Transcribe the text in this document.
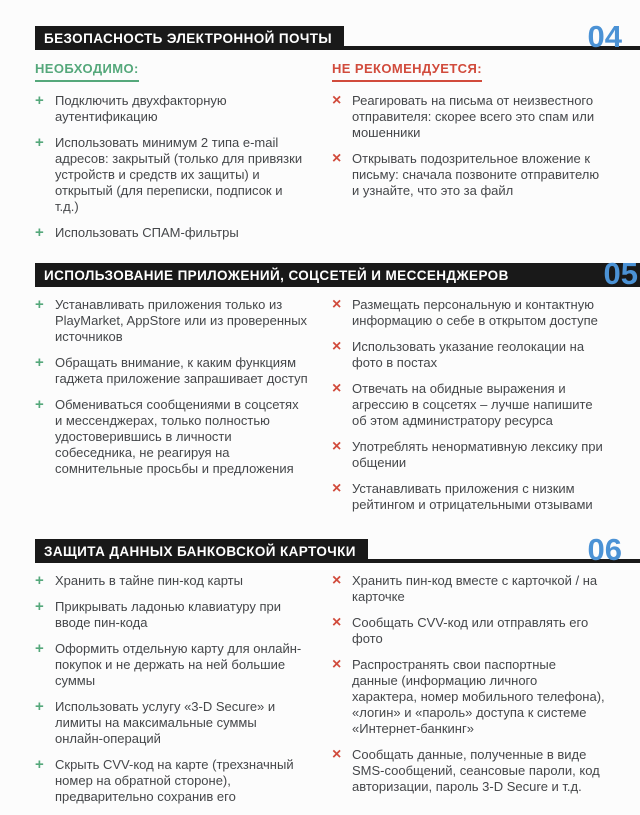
БЕЗОПАСНОСТЬ ЭЛЕКТРОННОЙ ПОЧТЫ	04
НЕОБХОДИМО:
+ Подключить двухфакторную аутентификацию
+ Использовать минимум 2 типа e-mail адресов: закрытый (только для привязки устройств и средств их защиты) и открытый (для переписки, подписок и т.д.)
+ Использовать СПАМ-фильтры
НЕ РЕКОМЕНДУЕТСЯ:
× Реагировать на письма от неизвестного отправителя: скорее всего это спам или мошенники
× Открывать подозрительное вложение к письму: сначала позвоните отправителю и узнайте, что это за файл
ИСПОЛЬЗОВАНИЕ ПРИЛОЖЕНИЙ, СОЦСЕТЕЙ И МЕССЕНДЖЕРОВ	05
+ Устанавливать приложения только из PlayMarket, AppStore или из проверенных источников
+ Обращать внимание, к каким функциям гаджета приложение запрашивает доступ
+ Обмениваться сообщениями в соцсетях и мессенджерах, только полностью удостоверившись в личности собеседника, не реагируя на сомнительные просьбы и предложения
× Размещать персональную и контактную информацию о себе в открытом доступе
× Использовать указание геолокации на фото в постах
× Отвечать на обидные выражения и агрессию в соцсетях – лучше напишите об этом администратору ресурса
× Употреблять ненормативную лексику при общении
× Устанавливать приложения с низким рейтингом и отрицательными отзывами
ЗАЩИТА ДАННЫХ БАНКОВСКОЙ КАРТОЧКИ	06
+ Хранить в тайне пин-код карты
+ Прикрывать ладонью клавиатуру при вводе пин-кода
+ Оформить отдельную карту для онлайн-покупок и не держать на ней большие суммы
+ Использовать услугу «3-D Secure» и лимиты на максимальные суммы онлайн-операций
+ Скрыть CVV-код на карте (трехзначный номер на обратной стороне), предварительно сохранив его
× Хранить пин-код вместе с карточкой / на карточке
× Сообщать CVV-код или отправлять его фото
× Распространять свои паспортные данные (информацию личного характера, номер мобильного телефона), «логин» и «пароль» доступа к системе «Интернет-банкинг»
× Сообщать данные, полученные в виде SMS-сообщений, сеансовые пароли, код авторизации, пароль 3-D Secure и т.д.
